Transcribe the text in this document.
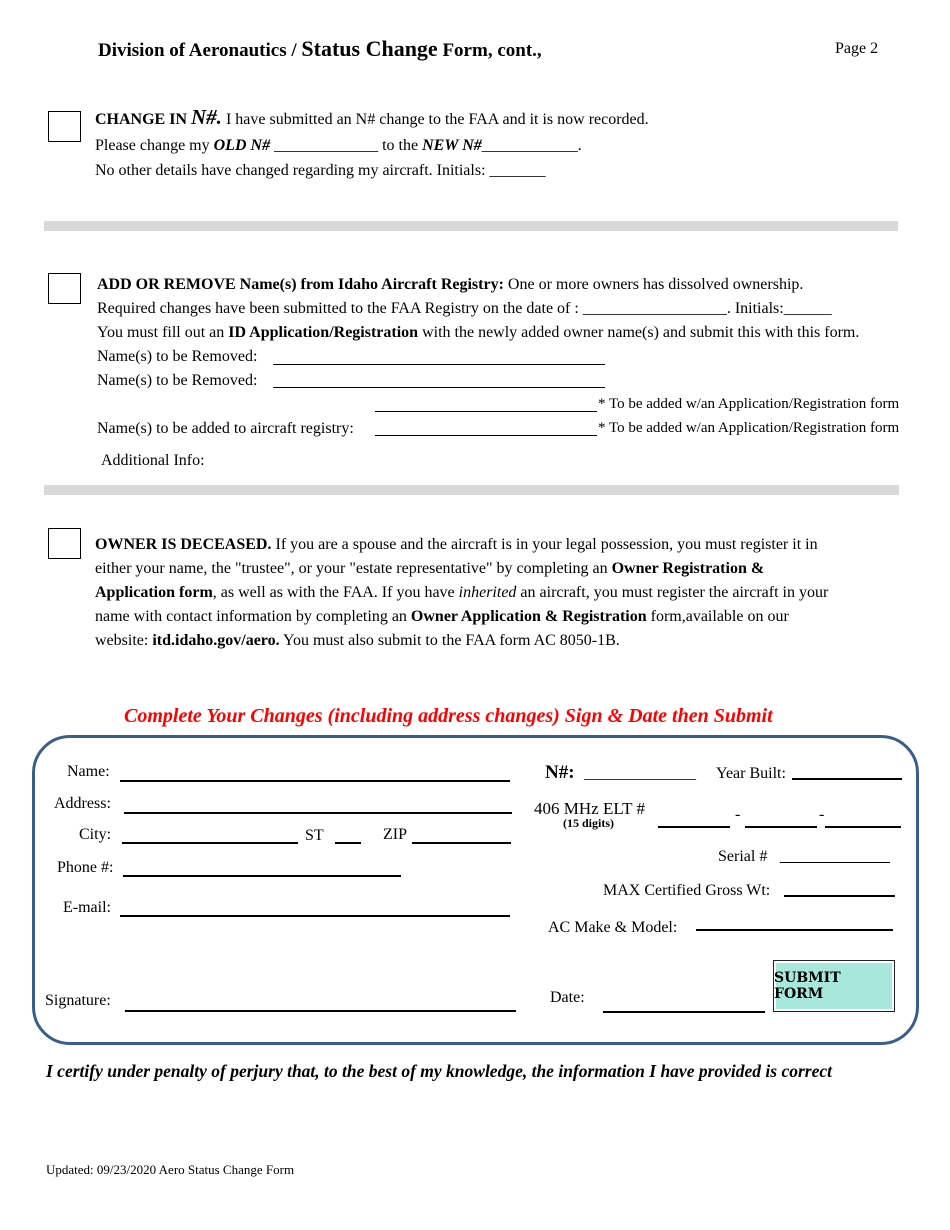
Division of Aeronautics / Status Change Form, cont.,	Page 2
CHANGE IN N#. I have submitted an N# change to the FAA and it is now recorded.
Please change my OLD N# _____________ to the NEW N#____________.
No other details have changed regarding my aircraft. Initials: _______
ADD OR REMOVE Name(s) from Idaho Aircraft Registry: One or more owners has dissolved ownership.
Required changes have been submitted to the FAA Registry on the date of : __________________. Initials:______
You must fill out an ID Application/Registration with the newly added owner name(s) and submit this with this form.
Name(s) to be Removed:
Name(s) to be Removed:
* To be added w/an Application/Registration form
Name(s) to be added to aircraft registry:	* To be added w/an Application/Registration form
Additional Info:
OWNER IS DECEASED. If you are a spouse and the aircraft is in your legal possession, you must register it in
either your name, the "trustee", or your "estate representative" by completing an Owner Registration &
Application form, as well as with the FAA. If you have inherited an aircraft, you must register the aircraft in your
name with contact information by completing an Owner Application & Registration form,available on our
website: itd.idaho.gov/aero. You must also submit to the FAA form AC 8050-1B.
Complete Your Changes (including address changes) Sign & Date then Submit
Name:
Address:
City:	ST	ZIP
Phone #:
E-mail:
Signature:
N#: ______________ Year Built:
406 MHz ELT #
(15 digits)	-	-
Serial #
MAX Certified Gross Wt:
AC Make & Model:
Date:
SUBMIT FORM
I certify under penalty of perjury that, to the best of my knowledge, the information I have provided is correct
Updated: 09/23/2020 Aero Status Change Form
